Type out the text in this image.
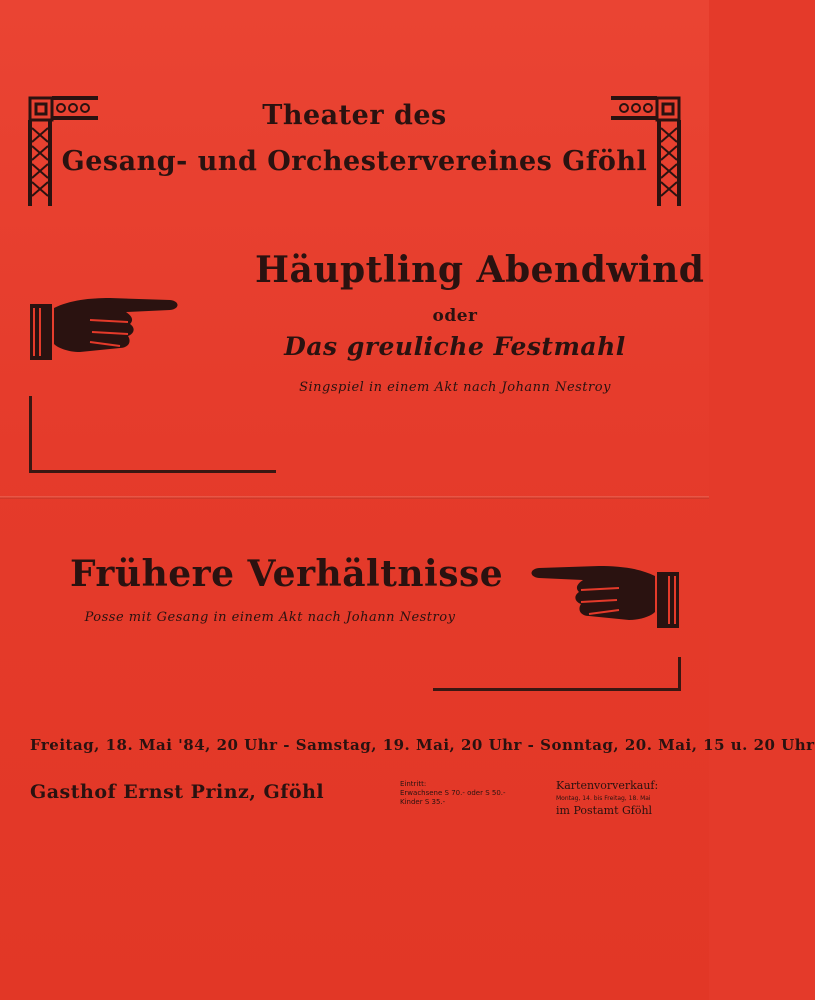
Theater des
Gesang- und Orchestervereines Gföhl
Häuptling Abendwind
oder
Das greuliche Festmahl
Singspiel in einem Akt nach Johann Nestroy
Frühere Verhältnisse
Posse mit Gesang in einem Akt nach Johann Nestroy
Freitag, 18. Mai '84, 20 Uhr - Samstag, 19. Mai, 20 Uhr - Sonntag, 20. Mai, 15 u. 20 Uhr
Gasthof Ernst Prinz, Gföhl	Eintritt:
Erwachsene S 70.- oder S 50.-
Kinder S 35.-
Kartenvorverkauf:
Montag, 14. bis Freitag, 18. Mai
im Postamt Gföhl
